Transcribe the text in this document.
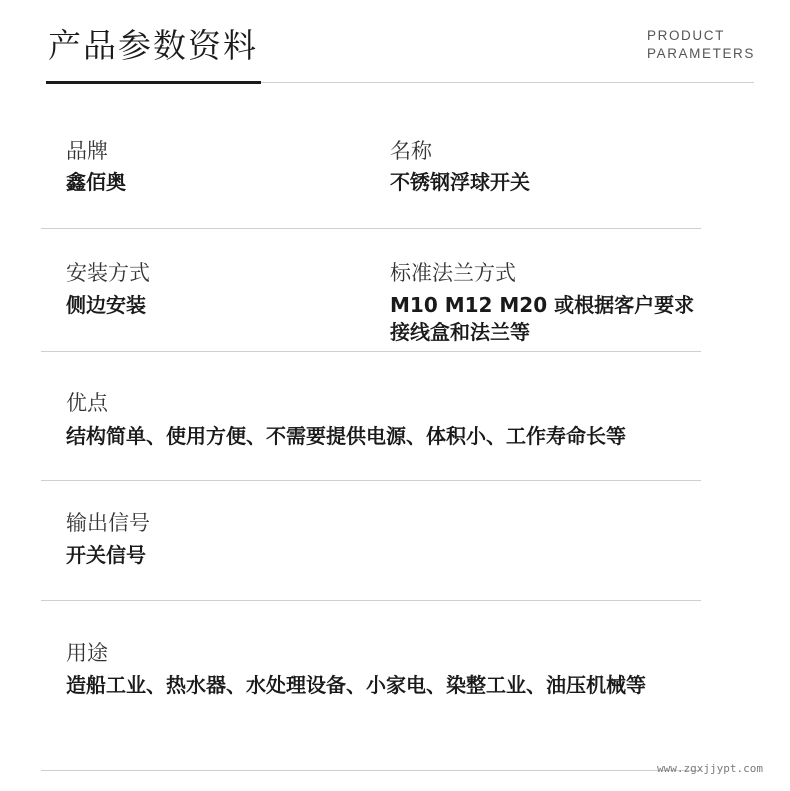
产品参数资料	PRODUCT
PARAMETERS
品牌
鑫佰奥
名称
不锈钢浮球开关
安装方式
侧边安装
标准法兰方式
M10 M12 M20 或根据客户要求
接线盒和法兰等
优点
结构简单、使用方便、不需要提供电源、体积小、工作寿命长等
输出信号
开关信号
用途
造船工业、热水器、水处理设备、小家电、染整工业、油压机械等
www.zgxjjypt.com
